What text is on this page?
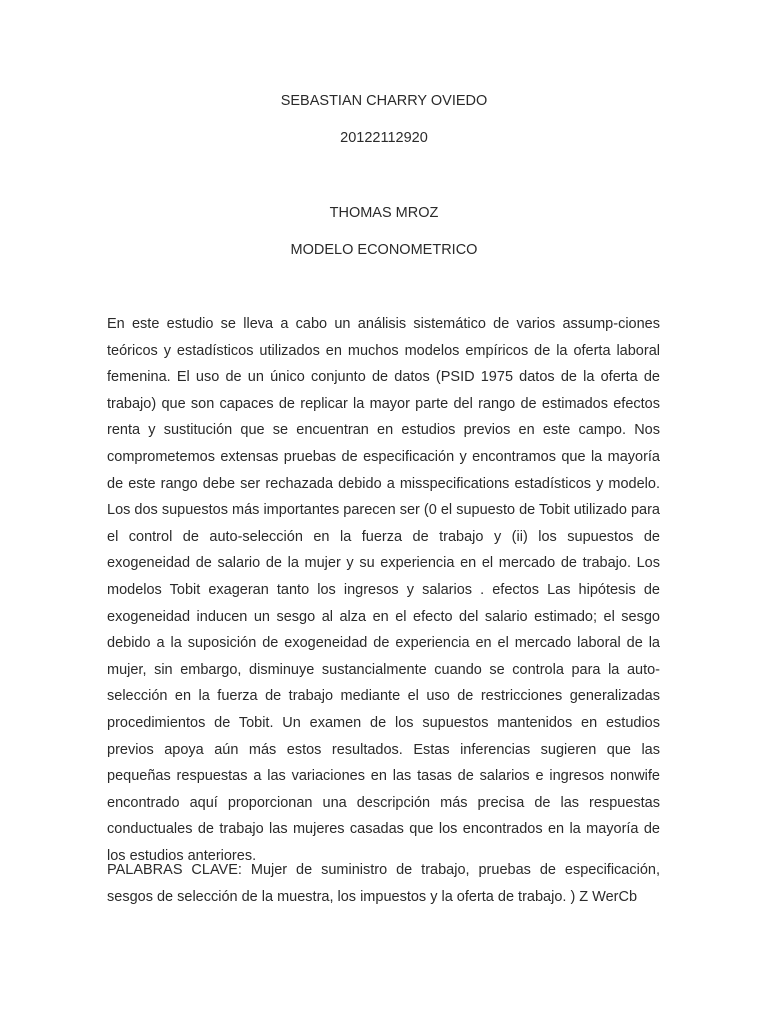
SEBASTIAN CHARRY OVIEDO
20122112920
THOMAS MROZ
MODELO ECONOMETRICO

En este estudio se lleva a cabo un análisis sistemático de varios assump-ciones teóricos y estadísticos utilizados en muchos modelos empíricos de la oferta laboral femenina. El uso de un único conjunto de datos (PSID 1975 datos de la oferta de trabajo) que son capaces de replicar la mayor parte del rango de estimados efectos renta y sustitución que se encuentran en estudios previos en este campo. Nos comprometemos extensas pruebas de especificación y encontramos que la mayoría de este rango debe ser rechazada debido a misspecifications estadísticos y modelo. Los dos supuestos más importantes parecen ser (0 el supuesto de Tobit utilizado para el control de auto-selección en la fuerza de trabajo y (ii) los supuestos de exogeneidad de salario de la mujer y su experiencia en el mercado de trabajo. Los modelos Tobit exageran tanto los ingresos y salarios . efectos Las hipótesis de exogeneidad inducen un sesgo al alza en el efecto del salario estimado; el sesgo debido a la suposición de exogeneidad de experiencia en el mercado laboral de la mujer, sin embargo, disminuye sustancialmente cuando se controla para la auto-selección en la fuerza de trabajo mediante el uso de restricciones generalizadas procedimientos de Tobit. Un examen de los supuestos mantenidos en estudios previos apoya aún más estos resultados. Estas inferencias sugieren que las pequeñas respuestas a las variaciones en las tasas de salarios e ingresos nonwife encontrado aquí proporcionan una descripción más precisa de las respuestas conductuales de trabajo las mujeres casadas que los encontrados en la mayoría de los estudios anteriores.

PALABRAS CLAVE: Mujer de suministro de trabajo, pruebas de especificación, sesgos de selección de la muestra, los impuestos y la oferta de trabajo. ) Z WerCb
